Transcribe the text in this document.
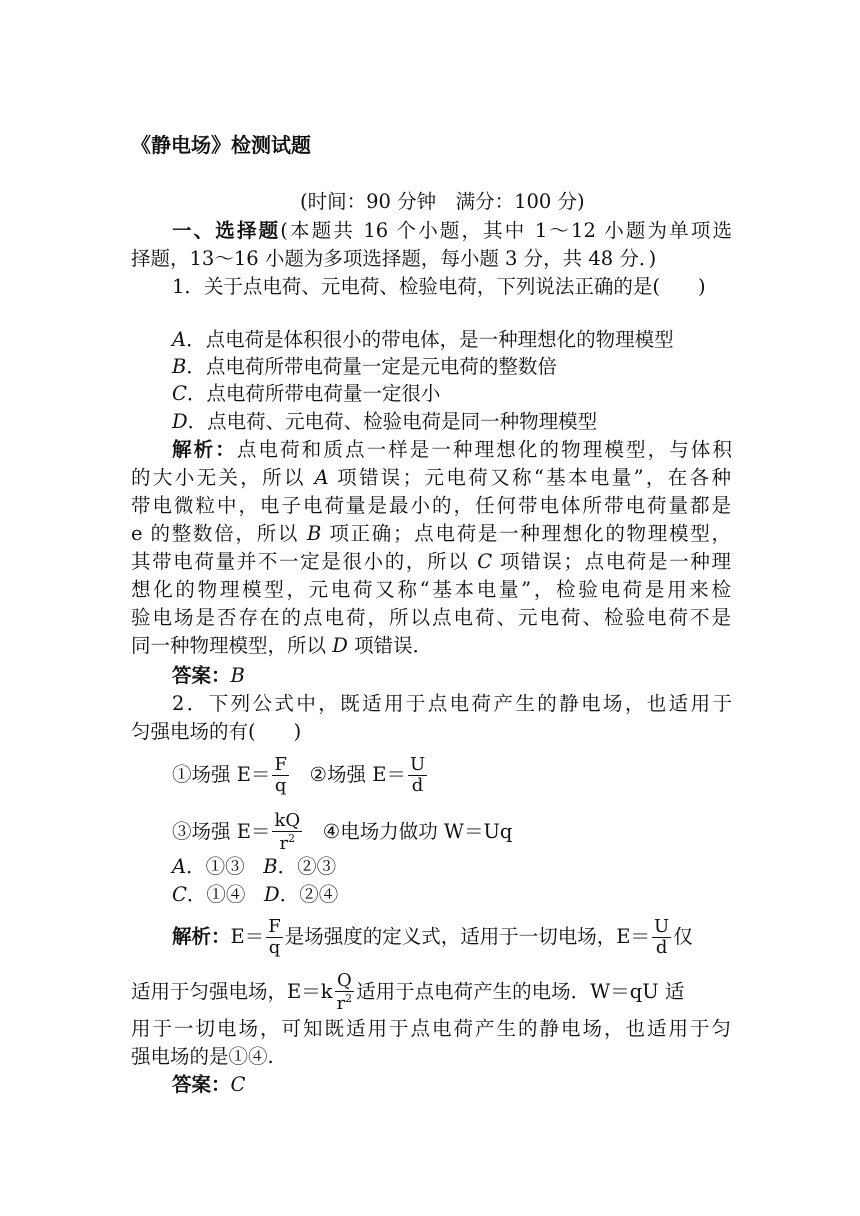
《静电场》检测试题
(时间：90 分钟　满分：100 分)
一、选择题(本题共 16 个小题，其中 1～12 小题为单项选
择题，13～16 小题为多项选择题，每小题 3 分，共 48 分．)
1．关于点电荷、元电荷、检验电荷，下列说法正确的是( )
A．点电荷是体积很小的带电体，是一种理想化的物理模型
B．点电荷所带电荷量一定是元电荷的整数倍
C．点电荷所带电荷量一定很小
D．点电荷、元电荷、检验电荷是同一种物理模型
解析：点电荷和质点一样是一种理想化的物理模型，与体积
的大小无关，所以 A 项错误；元电荷又称“基本电量”，在各种
带电微粒中，电子电荷量是最小的，任何带电体所带电荷量都是
e 的整数倍，所以 B 项正确；点电荷是一种理想化的物理模型，
其带电荷量并不一定是很小的，所以 C 项错误；点电荷是一种理
想化的物理模型，元电荷又称“基本电量”，检验电荷是用来检
验电场是否存在的点电荷，所以点电荷、元电荷、检验电荷不是
同一种物理模型，所以 D 项错误．
答案：B
2．下列公式中，既适用于点电荷产生的静电场，也适用于
匀强电场的有( )
①场强 $E= \frac{F}{q}$ ②场强 $E= \frac{U}{d}$
③场强 $E= \frac{kQ}{r^2}$ ④电场力做功 W＝Uq
A．①③ B．②③
C．①④ D．②④
解析：$E= \frac{F}{q}$ 是场强度的定义式，适用于一切电场，$E= \frac{U}{d}$ 仅
适用于匀强电场，$E=k \frac{Q}{r^2}$ 适用于点电荷产生的电场．W＝qU 适
用于一切电场，可知既适用于点电荷产生的静电场，也适用于匀
强电场的是①④.
答案：C
